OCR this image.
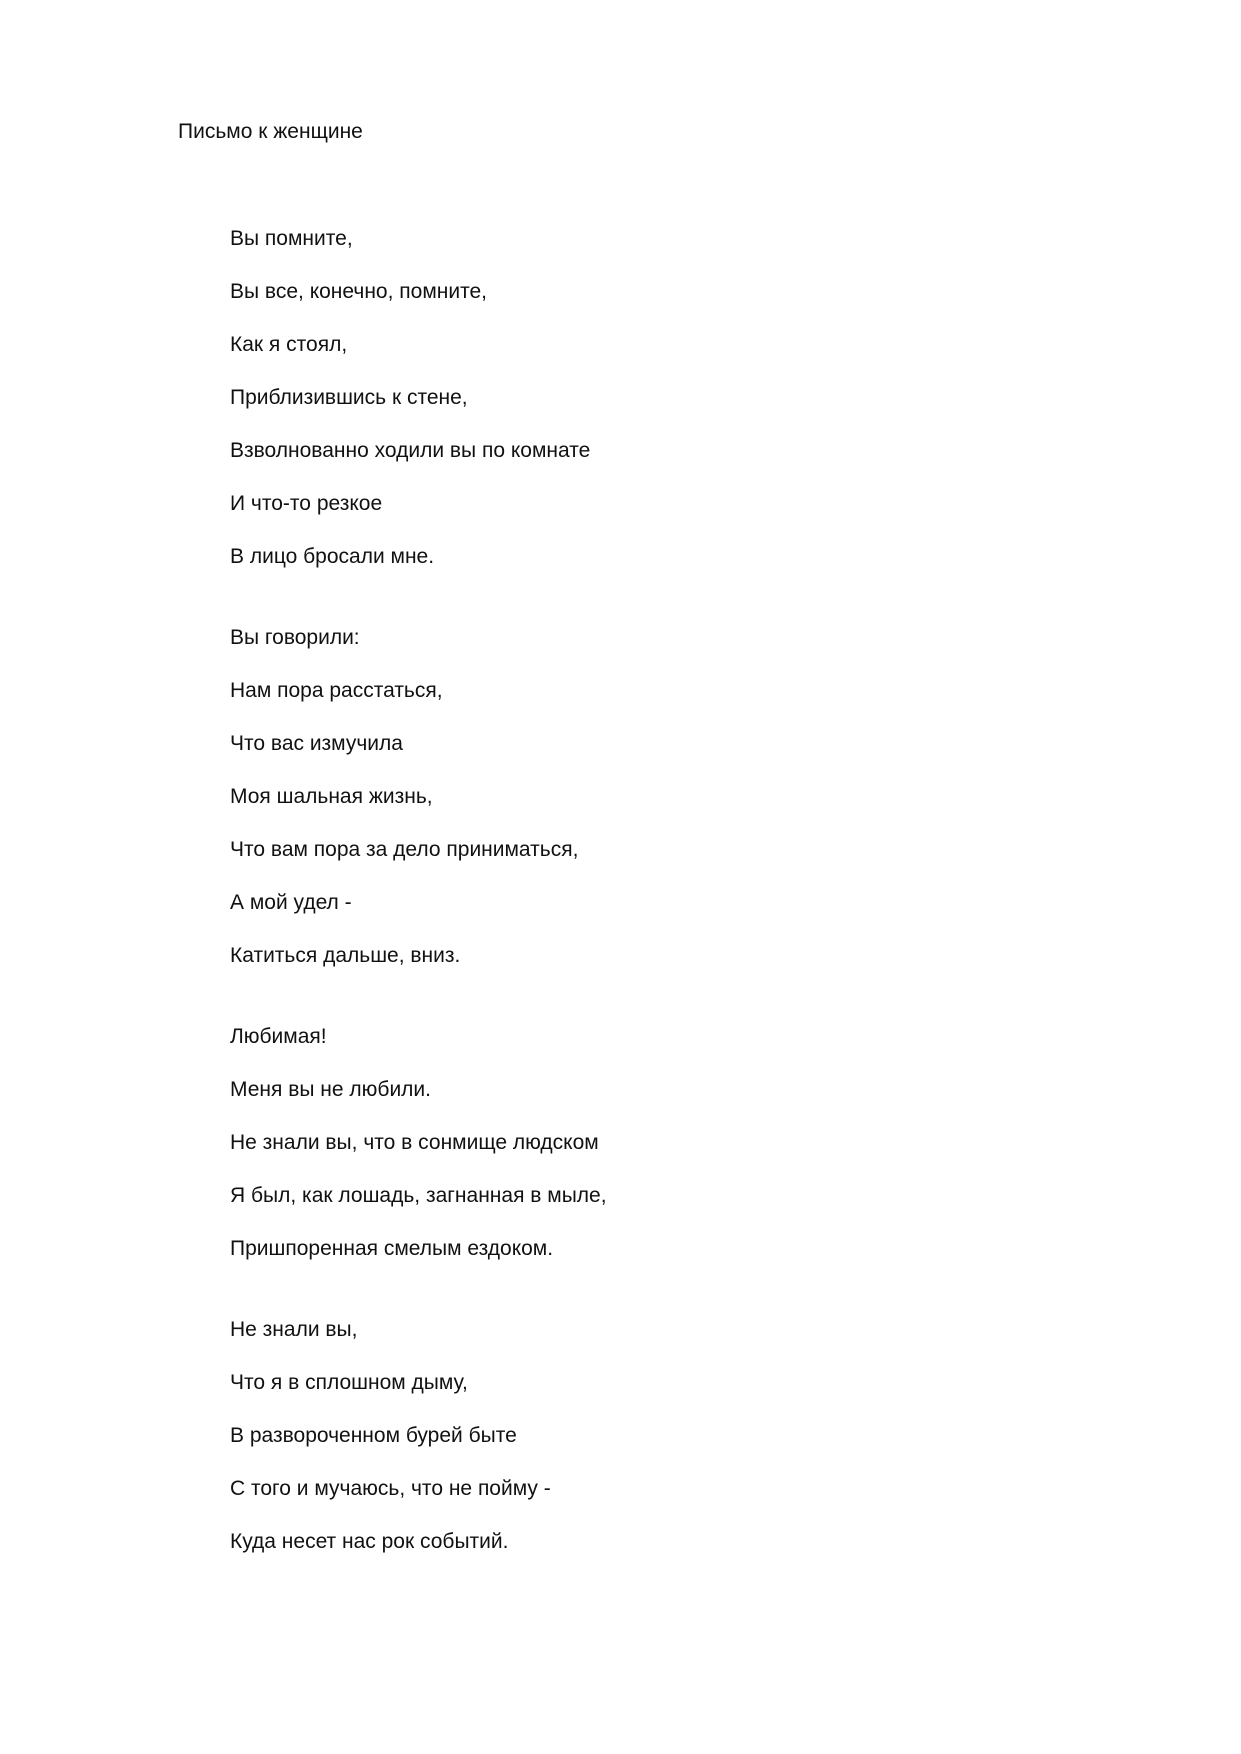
Письмо к женщине
Вы помните,
Вы все, конечно, помните,
Как я стоял,
Приблизившись к стене,
Взволнованно ходили вы по комнате
И что-то резкое
В лицо бросали мне.
Вы говорили:
Нам пора расстаться,
Что вас измучила
Моя шальная жизнь,
Что вам пора за дело приниматься,
А мой удел -
Катиться дальше, вниз.
Любимая!
Меня вы не любили.
Не знали вы, что в сонмище людском
Я был, как лошадь, загнанная в мыле,
Пришпоренная смелым ездоком.
Не знали вы,
Что я в сплошном дыму,
В развороченном бурей быте
С того и мучаюсь, что не пойму -
Куда несет нас рок событий.
